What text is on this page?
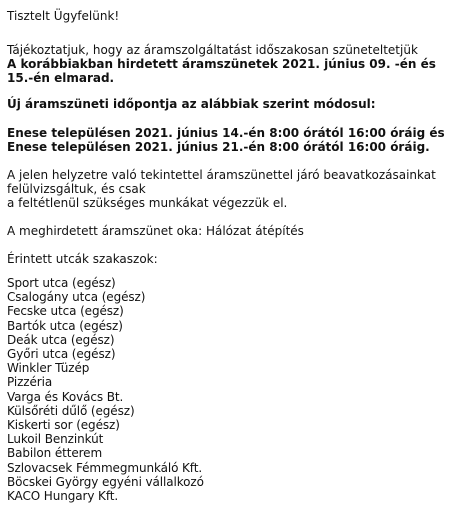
Tisztelt Ügyfelünk!
Tájékoztatjuk, hogy az áramszolgáltatást időszakosan szüneteltetjük
A korábbiakban hirdetett áramszünetek 2021. június 09. -én és 15.-én elmarad.
Új áramszüneti időpontja az alábbiak szerint módosul:
Enese településen 2021. június 14.-én 8:00 órától 16:00 óráig és
Enese településen 2021. június 21.-én 8:00 órától 16:00 óráig.
A jelen helyzetre való tekintettel áramszünettel járó beavatkozásainkat
felülvizsgáltuk, és csak
a feltétlenül szükséges munkákat végezzük el.
A meghirdetett áramszünet oka: Hálózat átépítés
Érintett utcák szakaszok:
Sport utca (egész)
Csalogány utca (egész)
Fecske utca (egész)
Bartók utca (egész)
Deák utca (egész)
Győri utca (egész)
Winkler Tüzép
Pizzéria
Varga és Kovács Bt.
Külsőréti dűlő (egész)
Kiskerti sor (egész)
Lukoil Benzinkút
Babilon étterem
Szlovacsek Fémmegmunkáló Kft.
Böcskei György egyéni vállalkozó
KACO Hungary Kft.
